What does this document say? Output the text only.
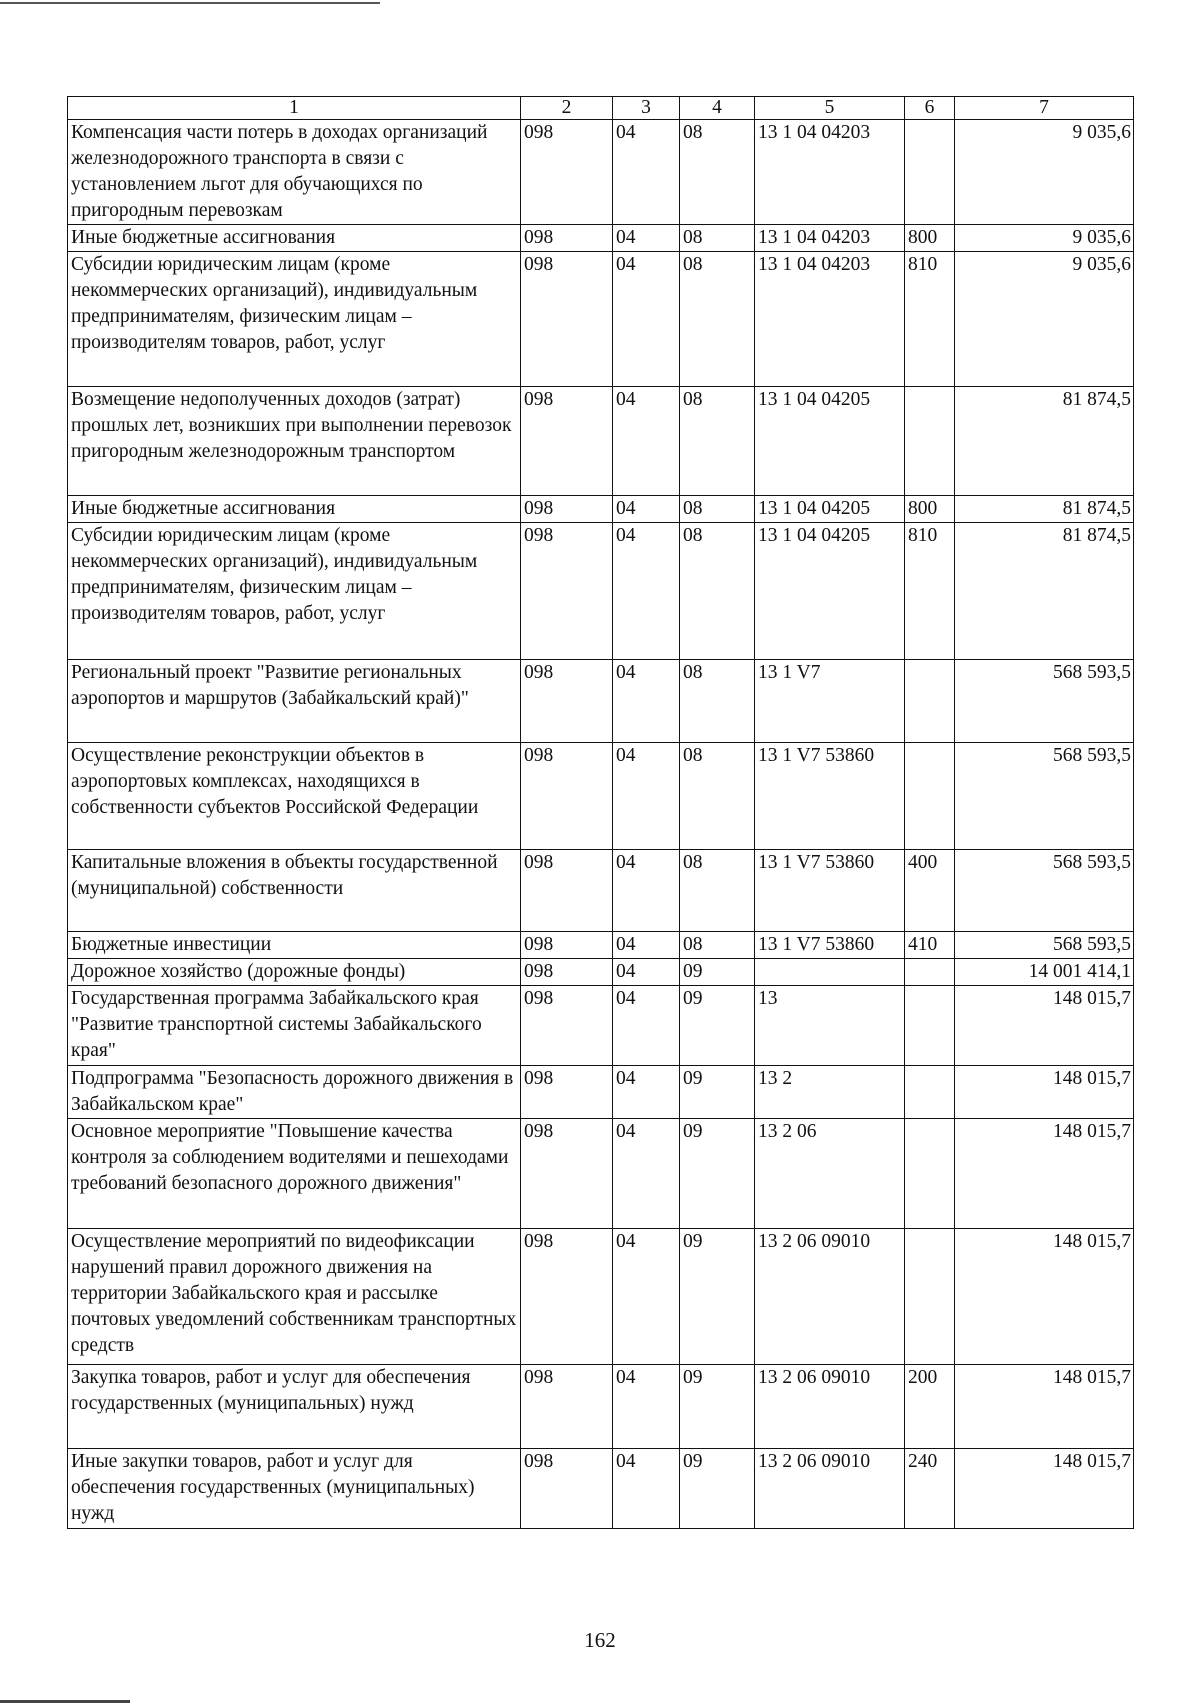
1	2	3	4	5	6	7
Компенсация части потерь в доходах организаций железнодорожного транспорта в связи с установлением льгот для обучающихся по пригородным перевозкам	098	04	08	13 1 04 04203		9 035,6
Иные бюджетные ассигнования	098	04	08	13 1 04 04203	800	9 035,6
Субсидии юридическим лицам (кроме некоммерческих организаций), индивидуальным предпринимателям, физическим лицам – производителям товаров, работ, услуг	098	04	08	13 1 04 04203	810	9 035,6
Возмещение недополученных доходов (затрат) прошлых лет, возникших при выполнении перевозок пригородным железнодорожным транспортом	098	04	08	13 1 04 04205		81 874,5
Иные бюджетные ассигнования	098	04	08	13 1 04 04205	800	81 874,5
Субсидии юридическим лицам (кроме некоммерческих организаций), индивидуальным предпринимателям, физическим лицам – производителям товаров, работ, услуг	098	04	08	13 1 04 04205	810	81 874,5
Региональный проект "Развитие региональных аэропортов и маршрутов (Забайкальский край)"	098	04	08	13 1 V7		568 593,5
Осуществление реконструкции объектов в аэропортовых комплексах, находящихся в собственности субъектов Российской Федерации	098	04	08	13 1 V7 53860		568 593,5
Капитальные вложения в объекты государственной (муниципальной) собственности	098	04	08	13 1 V7 53860	400	568 593,5
Бюджетные инвестиции	098	04	08	13 1 V7 53860	410	568 593,5
Дорожное хозяйство (дорожные фонды)	098	04	09			14 001 414,1
Государственная программа Забайкальского края "Развитие транспортной системы Забайкальского края"	098	04	09	13		148 015,7
Подпрограмма "Безопасность дорожного движения в Забайкальском крае"	098	04	09	13 2		148 015,7
Основное мероприятие "Повышение качества контроля за соблюдением водителями и пешеходами требований безопасного дорожного движения"	098	04	09	13 2 06		148 015,7
Осуществление мероприятий по видеофиксации нарушений правил дорожного движения на территории Забайкальского края и рассылке почтовых уведомлений собственникам транспортных средств	098	04	09	13 2 06 09010		148 015,7
Закупка товаров, работ и услуг для обеспечения государственных (муниципальных) нужд	098	04	09	13 2 06 09010	200	148 015,7
Иные закупки товаров, работ и услуг для обеспечения государственных (муниципальных) нужд	098	04	09	13 2 06 09010	240	148 015,7
162
